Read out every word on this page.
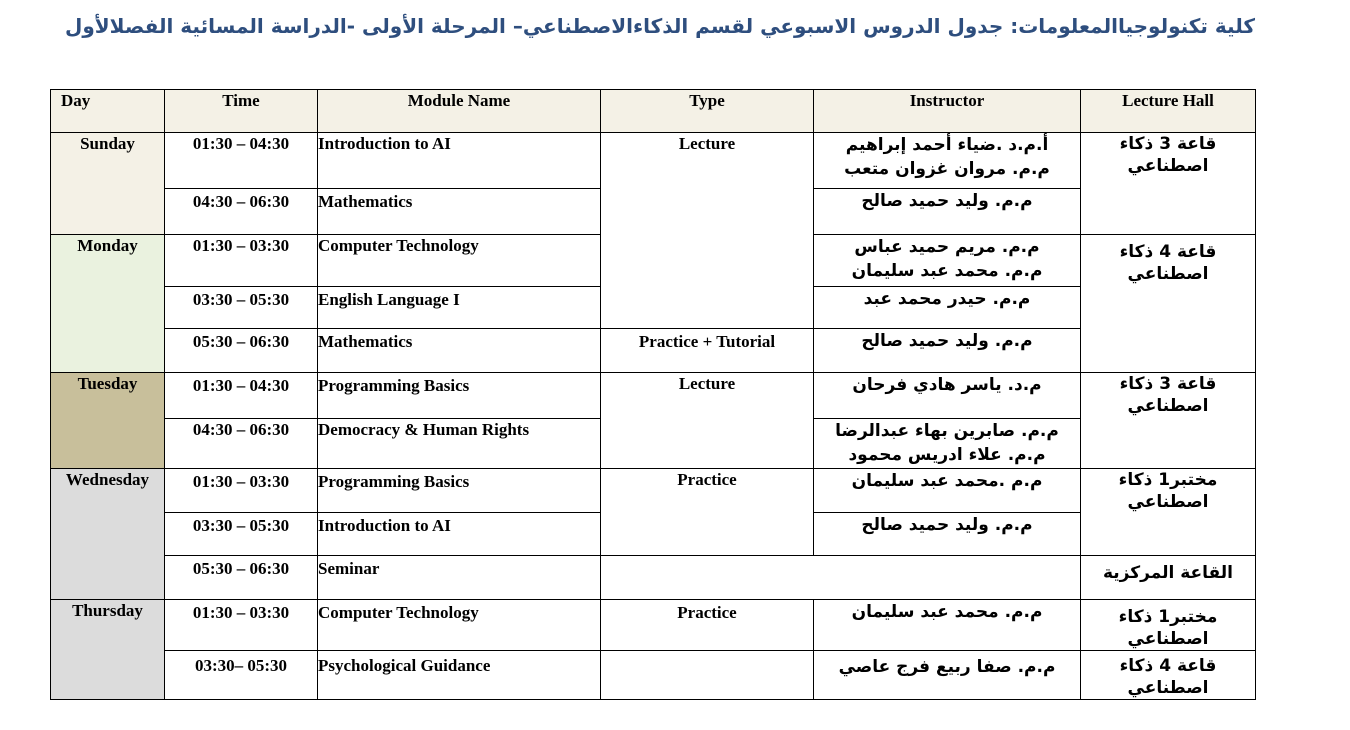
كلية تكنولوجياالمعلومات: جدول الدروس الاسبوعي لقسم الذكاءالاصطناعي– المرحلة الأولى -الدراسة المسائية الفصلالأول
Day	Time	Module Name	Type	Instructor	Lecture Hall
Sunday	01:30 – 04:30	Introduction to AI	Lecture	أ.م.د .ضياء أحمد إبراهيم
م.م. مروان غزوان متعب	قاعة 3 ذكاء اصطناعي
	04:30 – 06:30	Mathematics		م.م. وليد حميد صالح	

Monday	01:30 – 03:30	Computer Technology		م.م. مريم حميد عباس
م.م. محمد عبد سليمان	قاعة 4 ذكاء اصطناعي
	03:30 – 05:30	English Language I		م.م. حيدر محمد عبد	

	05:30 – 06:30	Mathematics	Practice + Tutorial	م.م. وليد حميد صالح	

Tuesday	01:30 – 04:30	Programming Basics	Lecture	م.د. ياسر هادي فرحان	قاعة 3 ذكاء اصطناعي
	04:30 – 06:30	Democracy & Human Rights		م.م. صابرين بهاء عبدالرضا
م.م. علاء ادريس محمود	

Wednesday	01:30 – 03:30	Programming Basics	Practice	م.م .محمد عبد سليمان	مختبر1 ذكاء اصطناعي
	03:30 – 05:30	Introduction to AI		م.م. وليد حميد صالح	

	05:30 – 06:30	Seminar			القاعة المركزية
Thursday	01:30 – 03:30	Computer Technology	Practice	م.م. محمد عبد سليمان	مختبر1 ذكاء اصطناعي
	03:30– 05:30	Psychological Guidance		م.م. صفا ربيع فرج عاصي	قاعة 4 ذكاء اصطناعي
